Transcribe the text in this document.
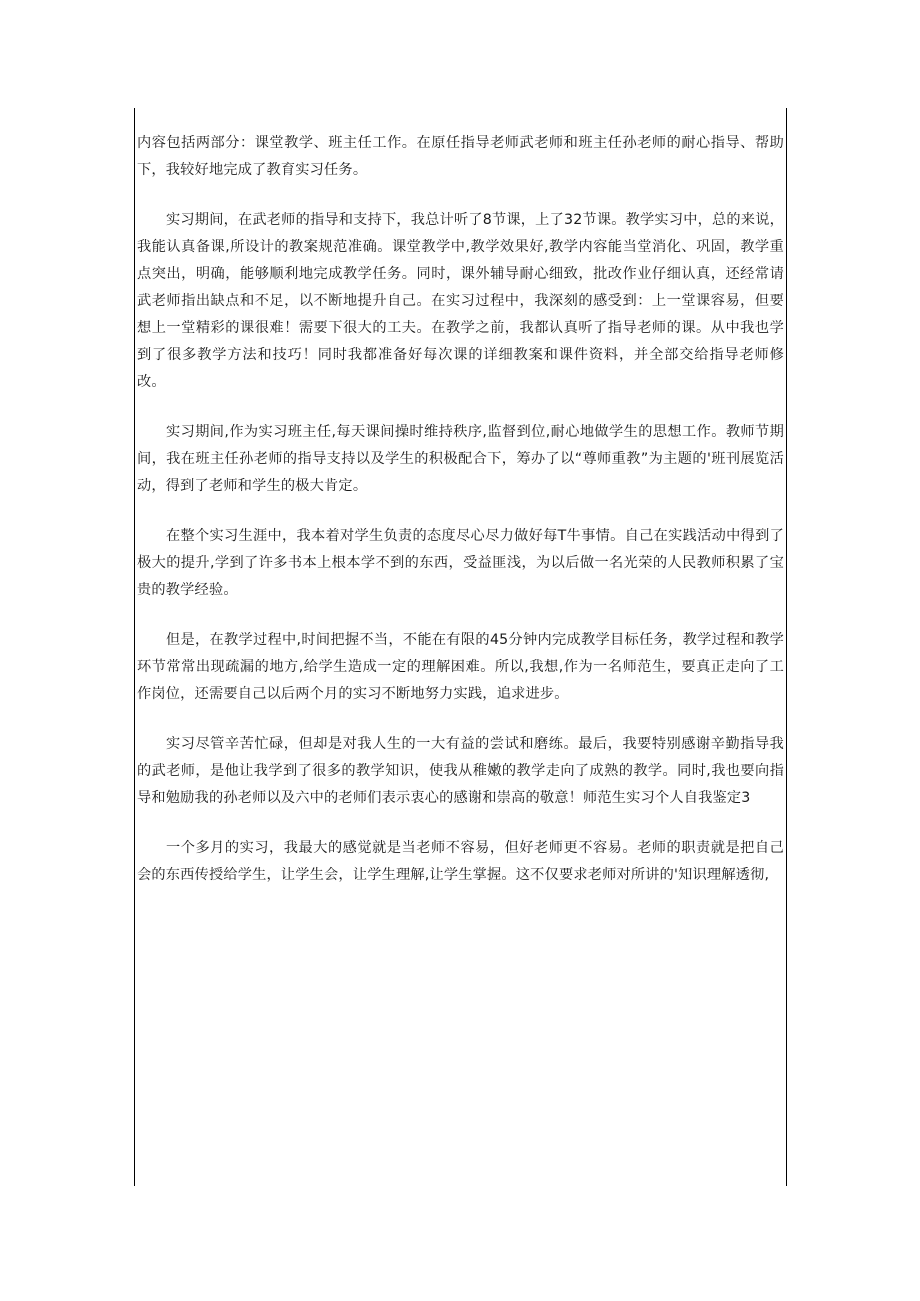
内容包括两部分：课堂教学、班主任工作。在原任指导老师武老师和班主任孙老师的耐心指导、帮助下，我较好地完成了教育实习任务。

实习期间，在武老师的指导和支持下，我总计听了8节课，上了32节课。教学实习中，总的来说，我能认真备课,所设计的教案规范准确。课堂教学中,教学效果好,教学内容能当堂消化、巩固，教学重点突出，明确，能够顺利地完成教学任务。同时，课外辅导耐心细致，批改作业仔细认真，还经常请武老师指出缺点和不足，以不断地提升自己。在实习过程中，我深刻的感受到：上一堂课容易，但要想上一堂精彩的课很难！需要下很大的工夫。在教学之前，我都认真听了指导老师的课。从中我也学到了很多教学方法和技巧！同时我都准备好每次课的详细教案和课件资料，并全部交给指导老师修改。

实习期间,作为实习班主任,每天课间操时维持秩序,监督到位,耐心地做学生的思想工作。教师节期间，我在班主任孙老师的指导支持以及学生的积极配合下，筹办了以“尊师重教”为主题的'班刊展览活动，得到了老师和学生的极大肯定。

在整个实习生涯中，我本着对学生负责的态度尽心尽力做好每T牛事情。自己在实践活动中得到了极大的提升,学到了许多书本上根本学不到的东西，受益匪浅，为以后做一名光荣的人民教师积累了宝贵的教学经验。

但是，在教学过程中,时间把握不当，不能在有限的45分钟内完成教学目标任务，教学过程和教学环节常常出现疏漏的地方,给学生造成一定的理解困难。所以,我想,作为一名师范生，要真正走向了工作岗位，还需要自己以后两个月的实习不断地努力实践，追求进步。

实习尽管辛苦忙碌，但却是对我人生的一大有益的尝试和磨练。最后，我要特别感谢辛勤指导我的武老师，是他让我学到了很多的教学知识，使我从稚嫩的教学走向了成熟的教学。同时,我也要向指导和勉励我的孙老师以及六中的老师们表示衷心的感谢和崇高的敬意！师范生实习个人自我鉴定3

一个多月的实习，我最大的感觉就是当老师不容易，但好老师更不容易。老师的职责就是把自己会的东西传授给学生，让学生会，让学生理解,让学生掌握。这不仅要求老师对所讲的'知识理解透彻,
